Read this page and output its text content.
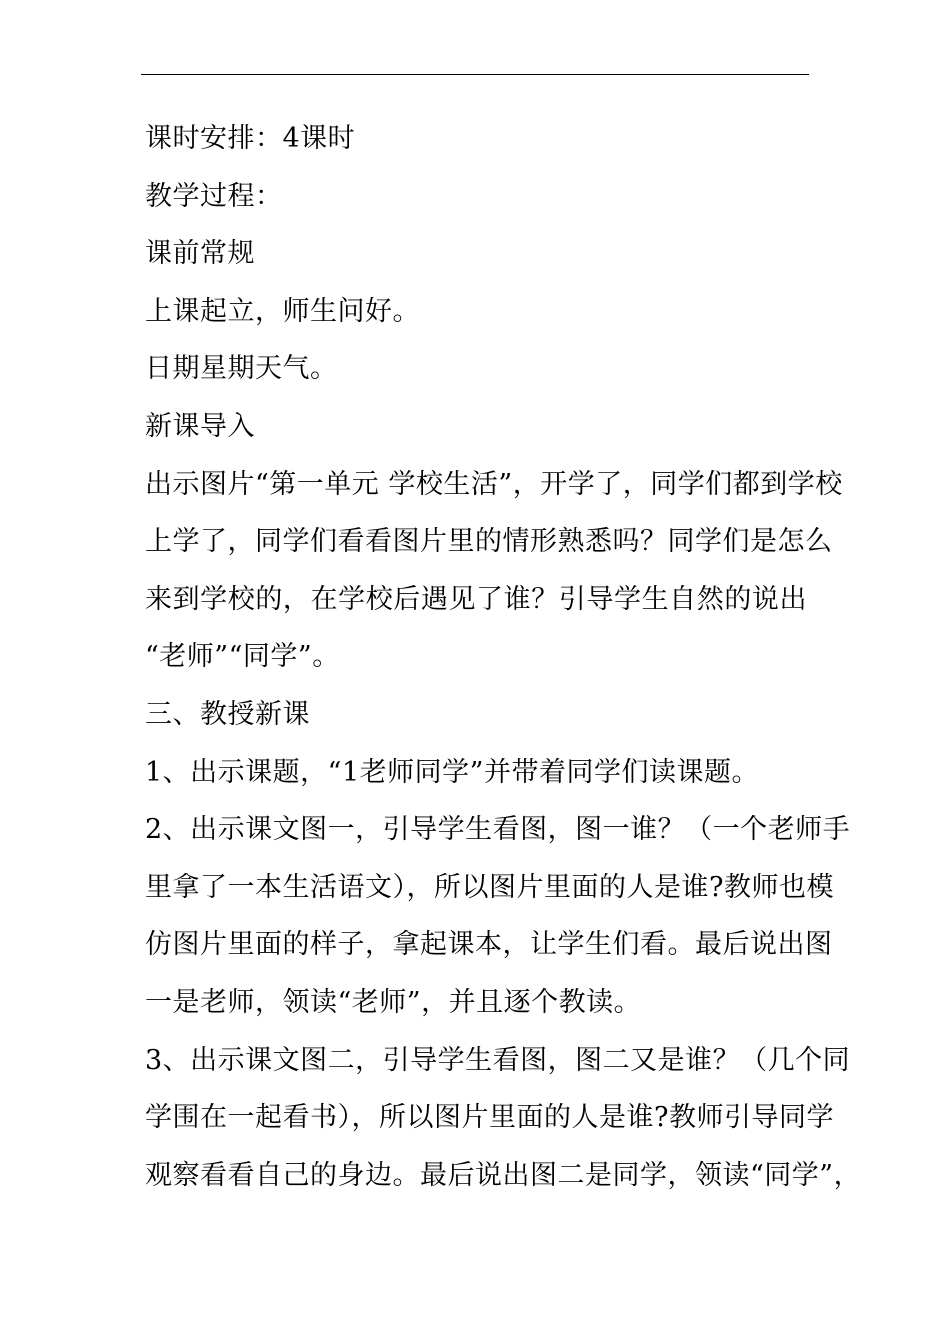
课时安排：4课时
教学过程：
课前常规
上课起立，师生问好。
日期星期天气。
新课导入
出示图片“第一单元 学校生活”，开学了，同学们都到学校
上学了，同学们看看图片里的情形熟悉吗？同学们是怎么
来到学校的，在学校后遇见了谁？引导学生自然的说出
“老师”“同学”。
三、教授新课
1、出示课题，“1老师同学”并带着同学们读课题。
2、出示课文图一，引导学生看图，图一谁？（一个老师手
里拿了一本生活语文），所以图片里面的人是谁?教师也模
仿图片里面的样子，拿起课本，让学生们看。最后说出图
一是老师，领读“老师”，并且逐个教读。
3、出示课文图二，引导学生看图，图二又是谁？（几个同
学围在一起看书），所以图片里面的人是谁?教师引导同学
观察看看自己的身边。最后说出图二是同学，领读“同学”，
